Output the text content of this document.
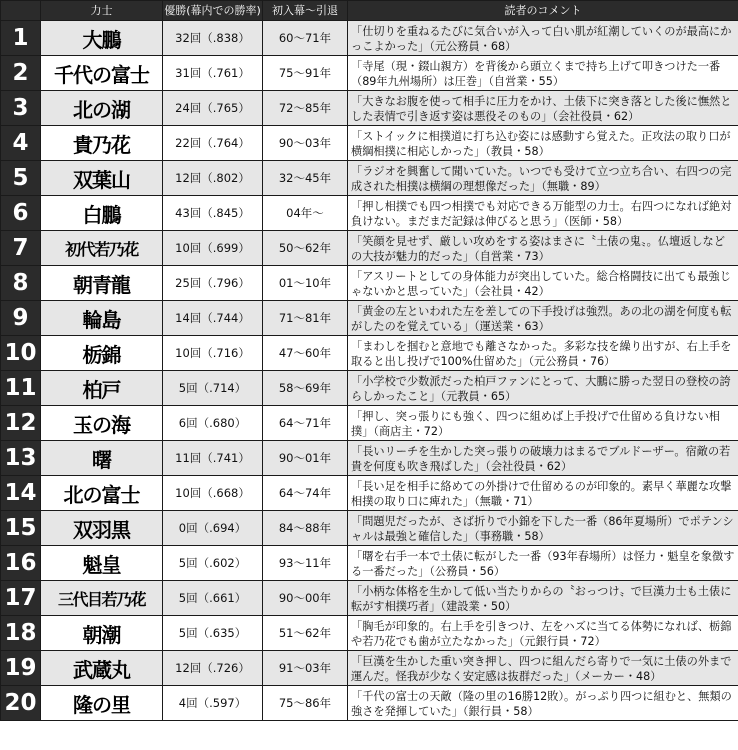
	力士	優勝(幕内での勝率)	初入幕～引退	読者のコメント
1	大鵬	32回（.838）	60～71年	「仕切りを重ねるたびに気合いが入って白い肌が紅潮していくのが最高にかっこよかった」（元公務員・68）
2	千代の富士	31回（.761）	75～91年	「寺尾（現・錣山親方）を背後から頭立くまで持ち上げて叩きつけた一番（89年九州場所）は圧巻」（自営業・55）
3	北の湖	24回（.765）	72～85年	「大きなお腹を使って相手に圧力をかけ、土俵下に突き落とした後に憮然とした表情で引き返す姿は悪役そのもの」（会社役員・62）
4	貴乃花	22回（.764）	90～03年	「ストイックに相撲道に打ち込む姿には感動すら覚えた。正攻法の取り口が横綱相撲に相応しかった」（教員・58）
5	双葉山	12回（.802）	32～45年	「ラジオを興奮して聞いていた。いつでも受けて立つ立ち合い、右四つの完成された相撲は横綱の理想像だった」（無職・89）
6	白鵬	43回（.845）	04年～	「押し相撲でも四つ相撲でも対応できる万能型の力士。右四つになれば絶対負けない。まだまだ記録は伸びると思う」（医師・58）
7	初代若乃花	10回（.699）	50～62年	「笑顔を見せず、厳しい攻めをする姿はまさに〝土俵の鬼〟。仏壇返しなどの大技が魅力的だった」（自営業・73）
8	朝青龍	25回（.796）	01～10年	「アスリートとしての身体能力が突出していた。総合格闘技に出ても最強じゃないかと思っていた」（会社員・42）
9	輪島	14回（.744）	71～81年	「黄金の左といわれた左を差しての下手投げは強烈。あの北の湖を何度も転がしたのを覚えている」（運送業・63）
10	栃錦	10回（.716）	47～60年	「まわしを掴むと意地でも離さなかった。多彩な技を繰り出すが、右上手を取ると出し投げで100%仕留めた」（元公務員・76）
11	柏戸	5回（.714）	58～69年	「小学校で少数派だった柏戸ファンにとって、大鵬に勝った翌日の登校の誇らしかったこと」（元教員・65）
12	玉の海	6回（.680）	64～71年	「押し、突っ張りにも強く、四つに組めば上手投げで仕留める負けない相撲」（商店主・72）
13	曙	11回（.741）	90～01年	「長いリーチを生かした突っ張りの破壊力はまるでブルドーザー。宿敵の若貴を何度も吹き飛ばした」（会社役員・62）
14	北の富士	10回（.668）	64～74年	「長い足を相手に絡めての外掛けで仕留めるのが印象的。素早く華麗な攻撃相撲の取り口に痺れた」（無職・71）
15	双羽黒	0回（.694）	84～88年	「問題児だったが、さば折りで小錦を下した一番（86年夏場所）でポテンシャルは最強と確信した」（事務職・58）
16	魁皇	5回（.602）	93～11年	「曙を右手一本で土俵に転がした一番（93年春場所）は怪力・魁皇を象徴する一番だった」（公務員・56）
17	三代目若乃花	5回（.661）	90～00年	「小柄な体格を生かして低い当たりからの〝おっつけ〟で巨漢力士も土俵に転がす相撲巧者」（建設業・50）
18	朝潮	5回（.635）	51～62年	「胸毛が印象的。右上手を引きつけ、左をハズに当てる体勢になれば、栃錦や若乃花でも歯が立たなかった」（元銀行員・72）
19	武蔵丸	12回（.726）	91～03年	「巨漢を生かした重い突き押し、四つに組んだら寄りで一気に土俵の外まで運んだ。怪我が少なく安定感は抜群だった」（メーカー・48）
20	隆の里	4回（.597）	75～86年	「千代の富士の天敵（隆の里の16勝12敗）。がっぷり四つに組むと、無類の強さを発揮していた」（銀行員・58）
